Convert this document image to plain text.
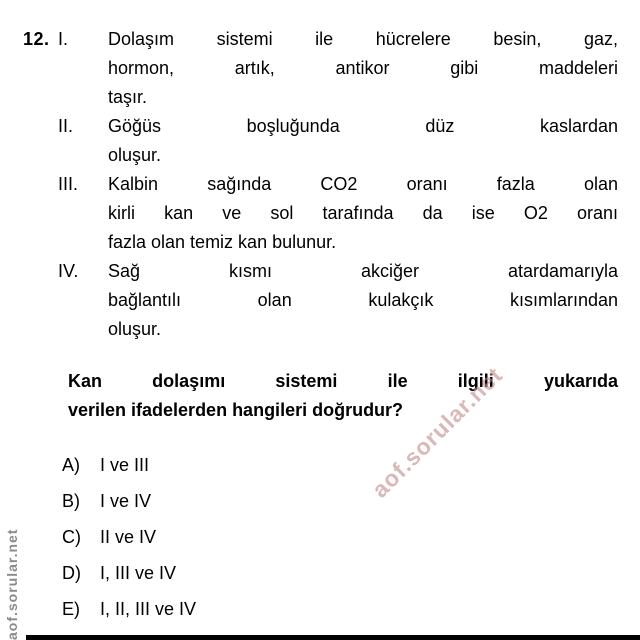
12. I.	Dolaşım sistemi ile hücrelere besin, gaz,
hormon, artık, antikor gibi maddeleri
taşır.
II.	Göğüs boşluğunda düz kaslardan
oluşur.
III.	Kalbin sağında CO2 oranı fazla olan
kirli kan ve sol tarafında da ise O2 oranı
fazla olan temiz kan bulunur.
IV.	Sağ kısmı akciğer atardamarıyla
bağlantılı olan kulakçık kısımlarından
oluşur.
Kan dolaşımı sistemi ile ilgili yukarıda
verilen ifadelerden hangileri doğrudur?
A)	I ve III
B)	I ve IV
C)	II ve IV
D)	I, III ve IV
E)	I, II, III ve IV
aof.sorular.net
aof.sorular.net
